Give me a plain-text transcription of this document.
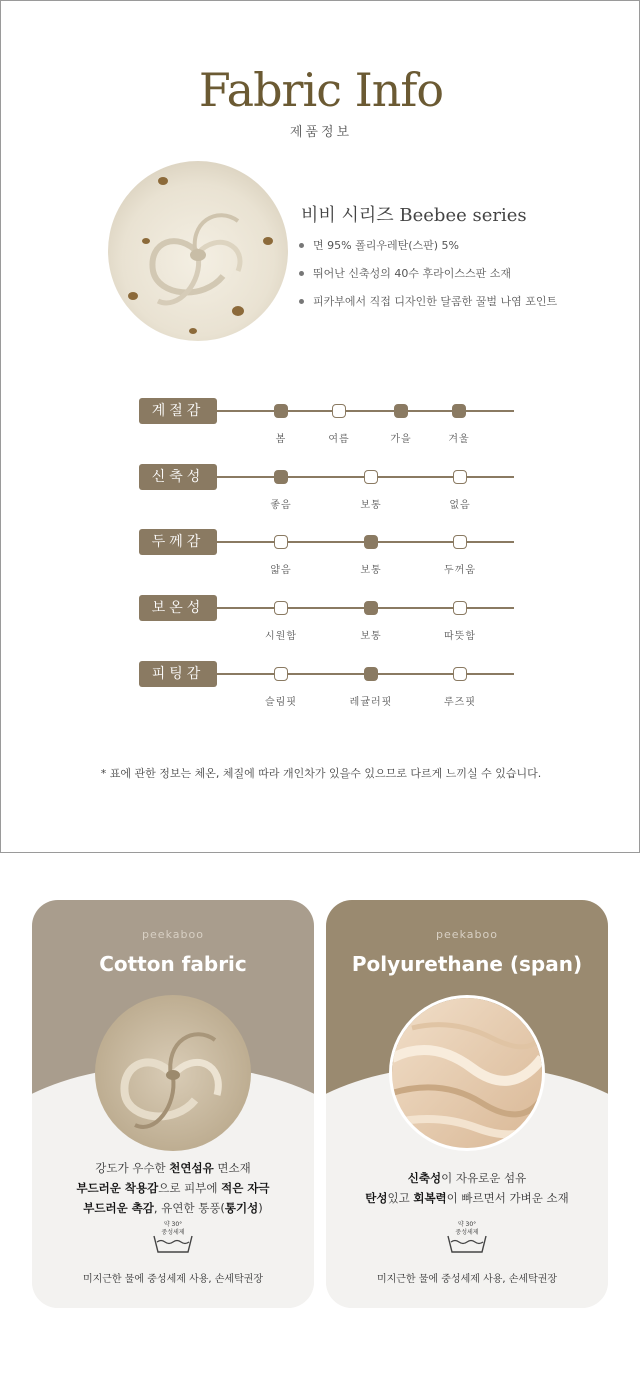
Fabric Info
제품정보
비비 시리즈 Beebee series
면 95% 폴리우레탄(스판) 5%
뛰어난 신축성의 40수 후라이스스판 소재
피카부에서 직접 디자인한 달콤한 꿀벌 나염 포인트
계절감
봄	여름	가을	겨울
신축성
좋음	보통	없음
두께감
얇음	보통	두꺼움
보온성
시원함	보통	따뜻함
피팅감
슬림핏	레귤러핏	루즈핏
* 표에 관한 정보는 체온, 체질에 따라 개인차가 있을수 있으므로 다르게 느끼실 수 있습니다.
peekaboo
Cotton fabric
강도가 우수한 천연섬유 면소재
부드러운 착용감으로 피부에 적은 자극
부드러운 촉감, 유연한 통풍(통기성)
약 30°
중성세제
미지근한 물에 중성세제 사용, 손세탁권장
peekaboo
Polyurethane (span)
신축성이 자유로운 섬유
탄성있고 회복력이 빠르면서 가벼운 소재
약 30°
중성세제
미지근한 물에 중성세제 사용, 손세탁권장
